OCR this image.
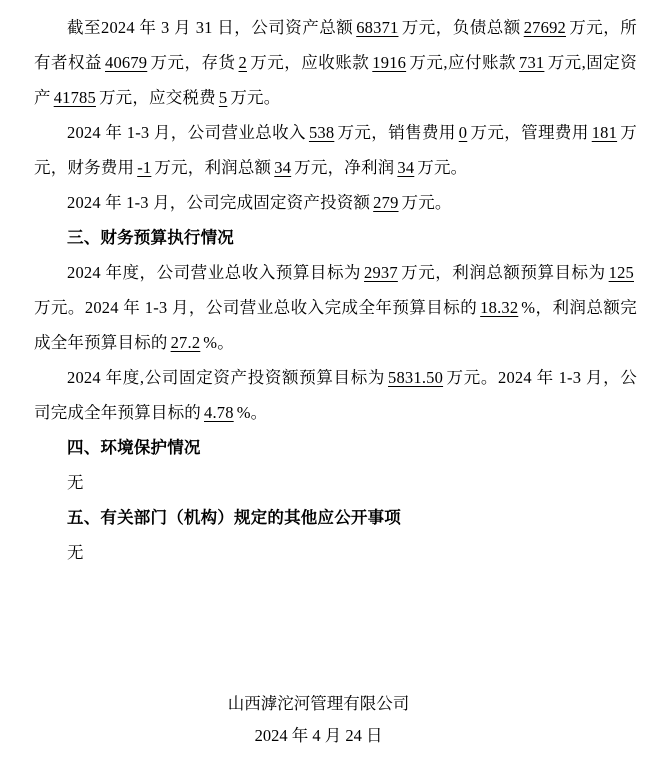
截至2024 年 3 月 31 日，公司资产总额 68371 万元，负债总额 27692 万元，所有者权益 40679 万元，存货 2 万元，应收账款 1916 万元,应付账款 731 万元,固定资产 41785 万元，应交税费 5 万元。

2024 年 1-3 月，公司营业总收入 538 万元，销售费用 0 万元，管理费用 181 万元，财务费用 -1 万元，利润总额 34 万元，净利润 34 万元。

2024 年 1-3 月，公司完成固定资产投资额 279 万元。

三、财务预算执行情况

2024 年度，公司营业总收入预算目标为 2937 万元，利润总额预算目标为 125万元。2024 年 1-3 月，公司营业总收入完成全年预算目标的 18.32 %，利润总额完成全年预算目标的 27.2 %。

2024 年度,公司固定资产投资额预算目标为 5831.50 万元。2024 年 1-3 月，公司完成全年预算目标的 4.78 %。

四、环境保护情况

无

五、有关部门（机构）规定的其他应公开事项

无

山西滹沱河管理有限公司
2024 年 4 月 24 日
